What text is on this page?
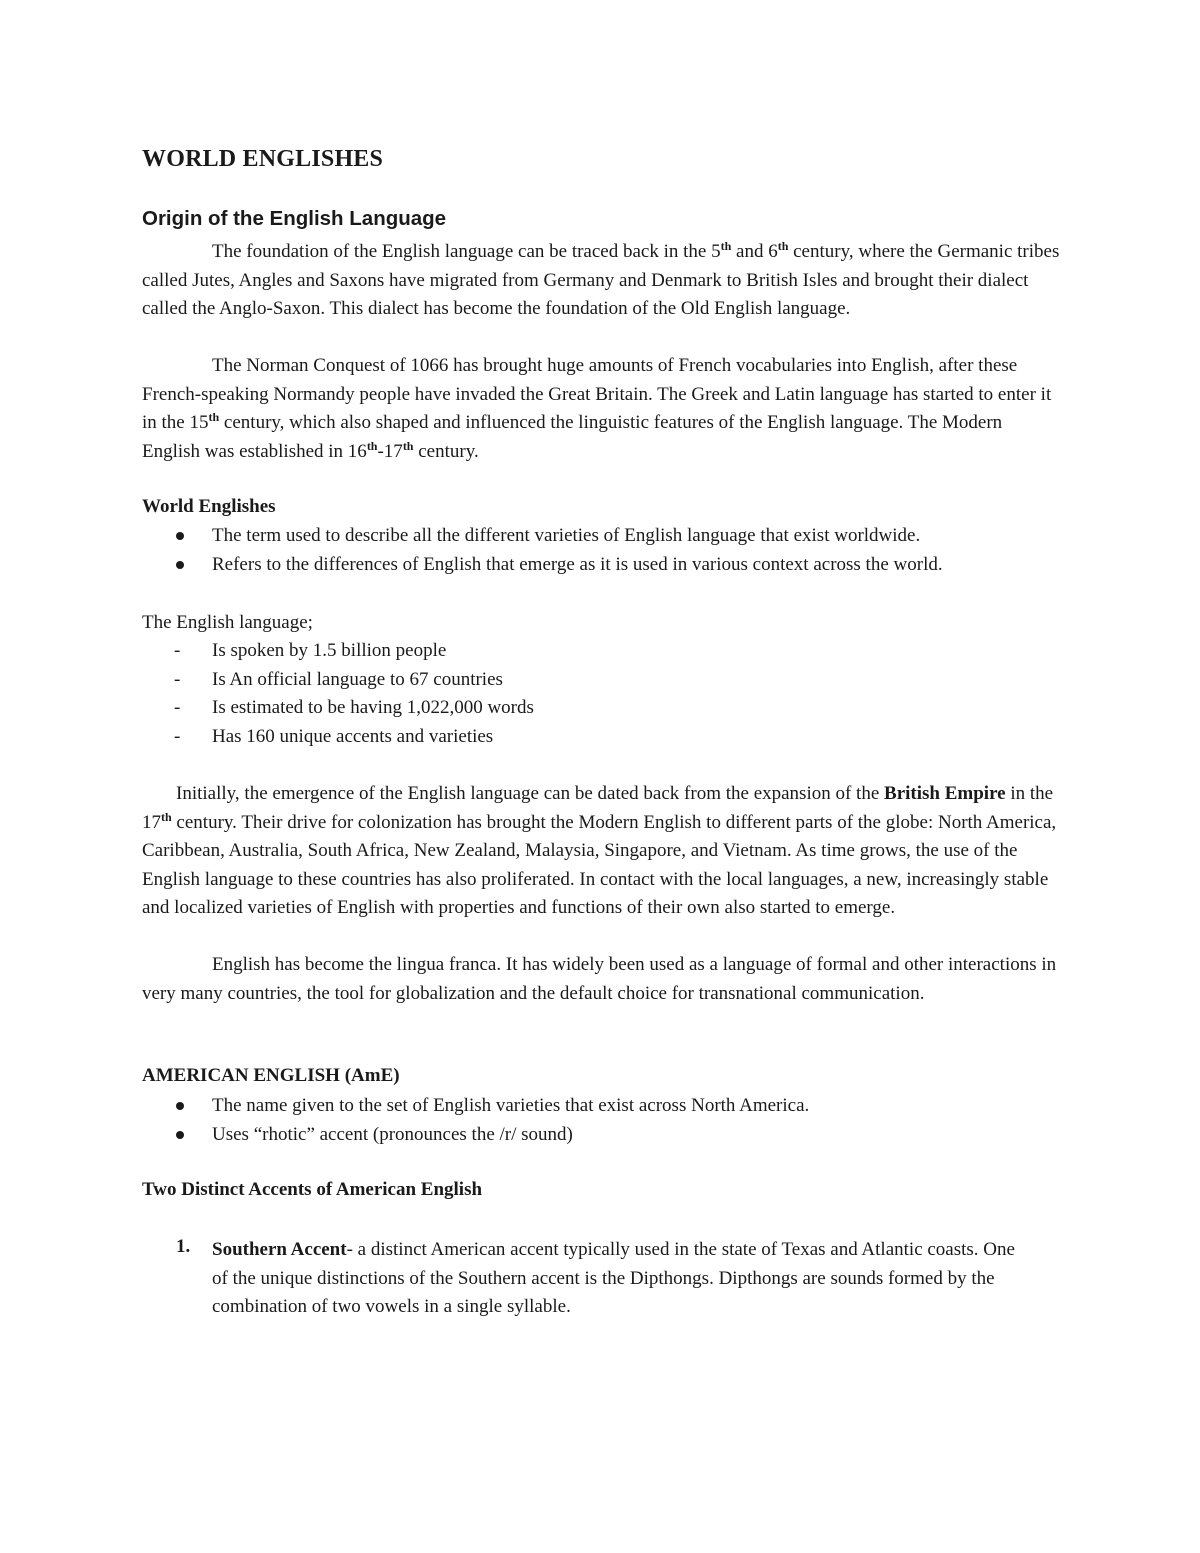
WORLD ENGLISHES
Origin of the English Language

The foundation of the English language can be traced back in the 5th and 6th century, where the Germanic tribes called Jutes, Angles and Saxons have migrated from Germany and Denmark to British Isles and brought their dialect called the Anglo-Saxon. This dialect has become the foundation of the Old English language.

The Norman Conquest of 1066 has brought huge amounts of French vocabularies into English, after these French-speaking Normandy people have invaded the Great Britain. The Greek and Latin language has started to enter it in the 15th century, which also shaped and influenced the linguistic features of the English language. The Modern English was established in 16th-17th century.

World Englishes

The term used to describe all the different varieties of English language that exist worldwide.
Refers to the differences of English that emerge as it is used in various context across the world.

The English language;

- Is spoken by 1.5 billion people
- Is An official language to 67 countries
- Is estimated to be having 1,022,000 words
- Has 160 unique accents and varieties

Initially, the emergence of the English language can be dated back from the expansion of the British Empire in the 17th century. Their drive for colonization has brought the Modern English to different parts of the globe: North America, Caribbean, Australia, South Africa, New Zealand, Malaysia, Singapore, and Vietnam. As time grows, the use of the English language to these countries has also proliferated. In contact with the local languages, a new, increasingly stable and localized varieties of English with properties and functions of their own also started to emerge.

English has become the lingua franca. It has widely been used as a language of formal and other interactions in very many countries, the tool for globalization and the default choice for transnational communication.

AMERICAN ENGLISH (AmE)

The name given to the set of English varieties that exist across North America.
Uses “rhotic” accent (pronounces the /r/ sound)

Two Distinct Accents of American English

1. Southern Accent- a distinct American accent typically used in the state of Texas and Atlantic coasts. One of the unique distinctions of the Southern accent is the Dipthongs. Dipthongs are sounds formed by the combination of two vowels in a single syllable.
